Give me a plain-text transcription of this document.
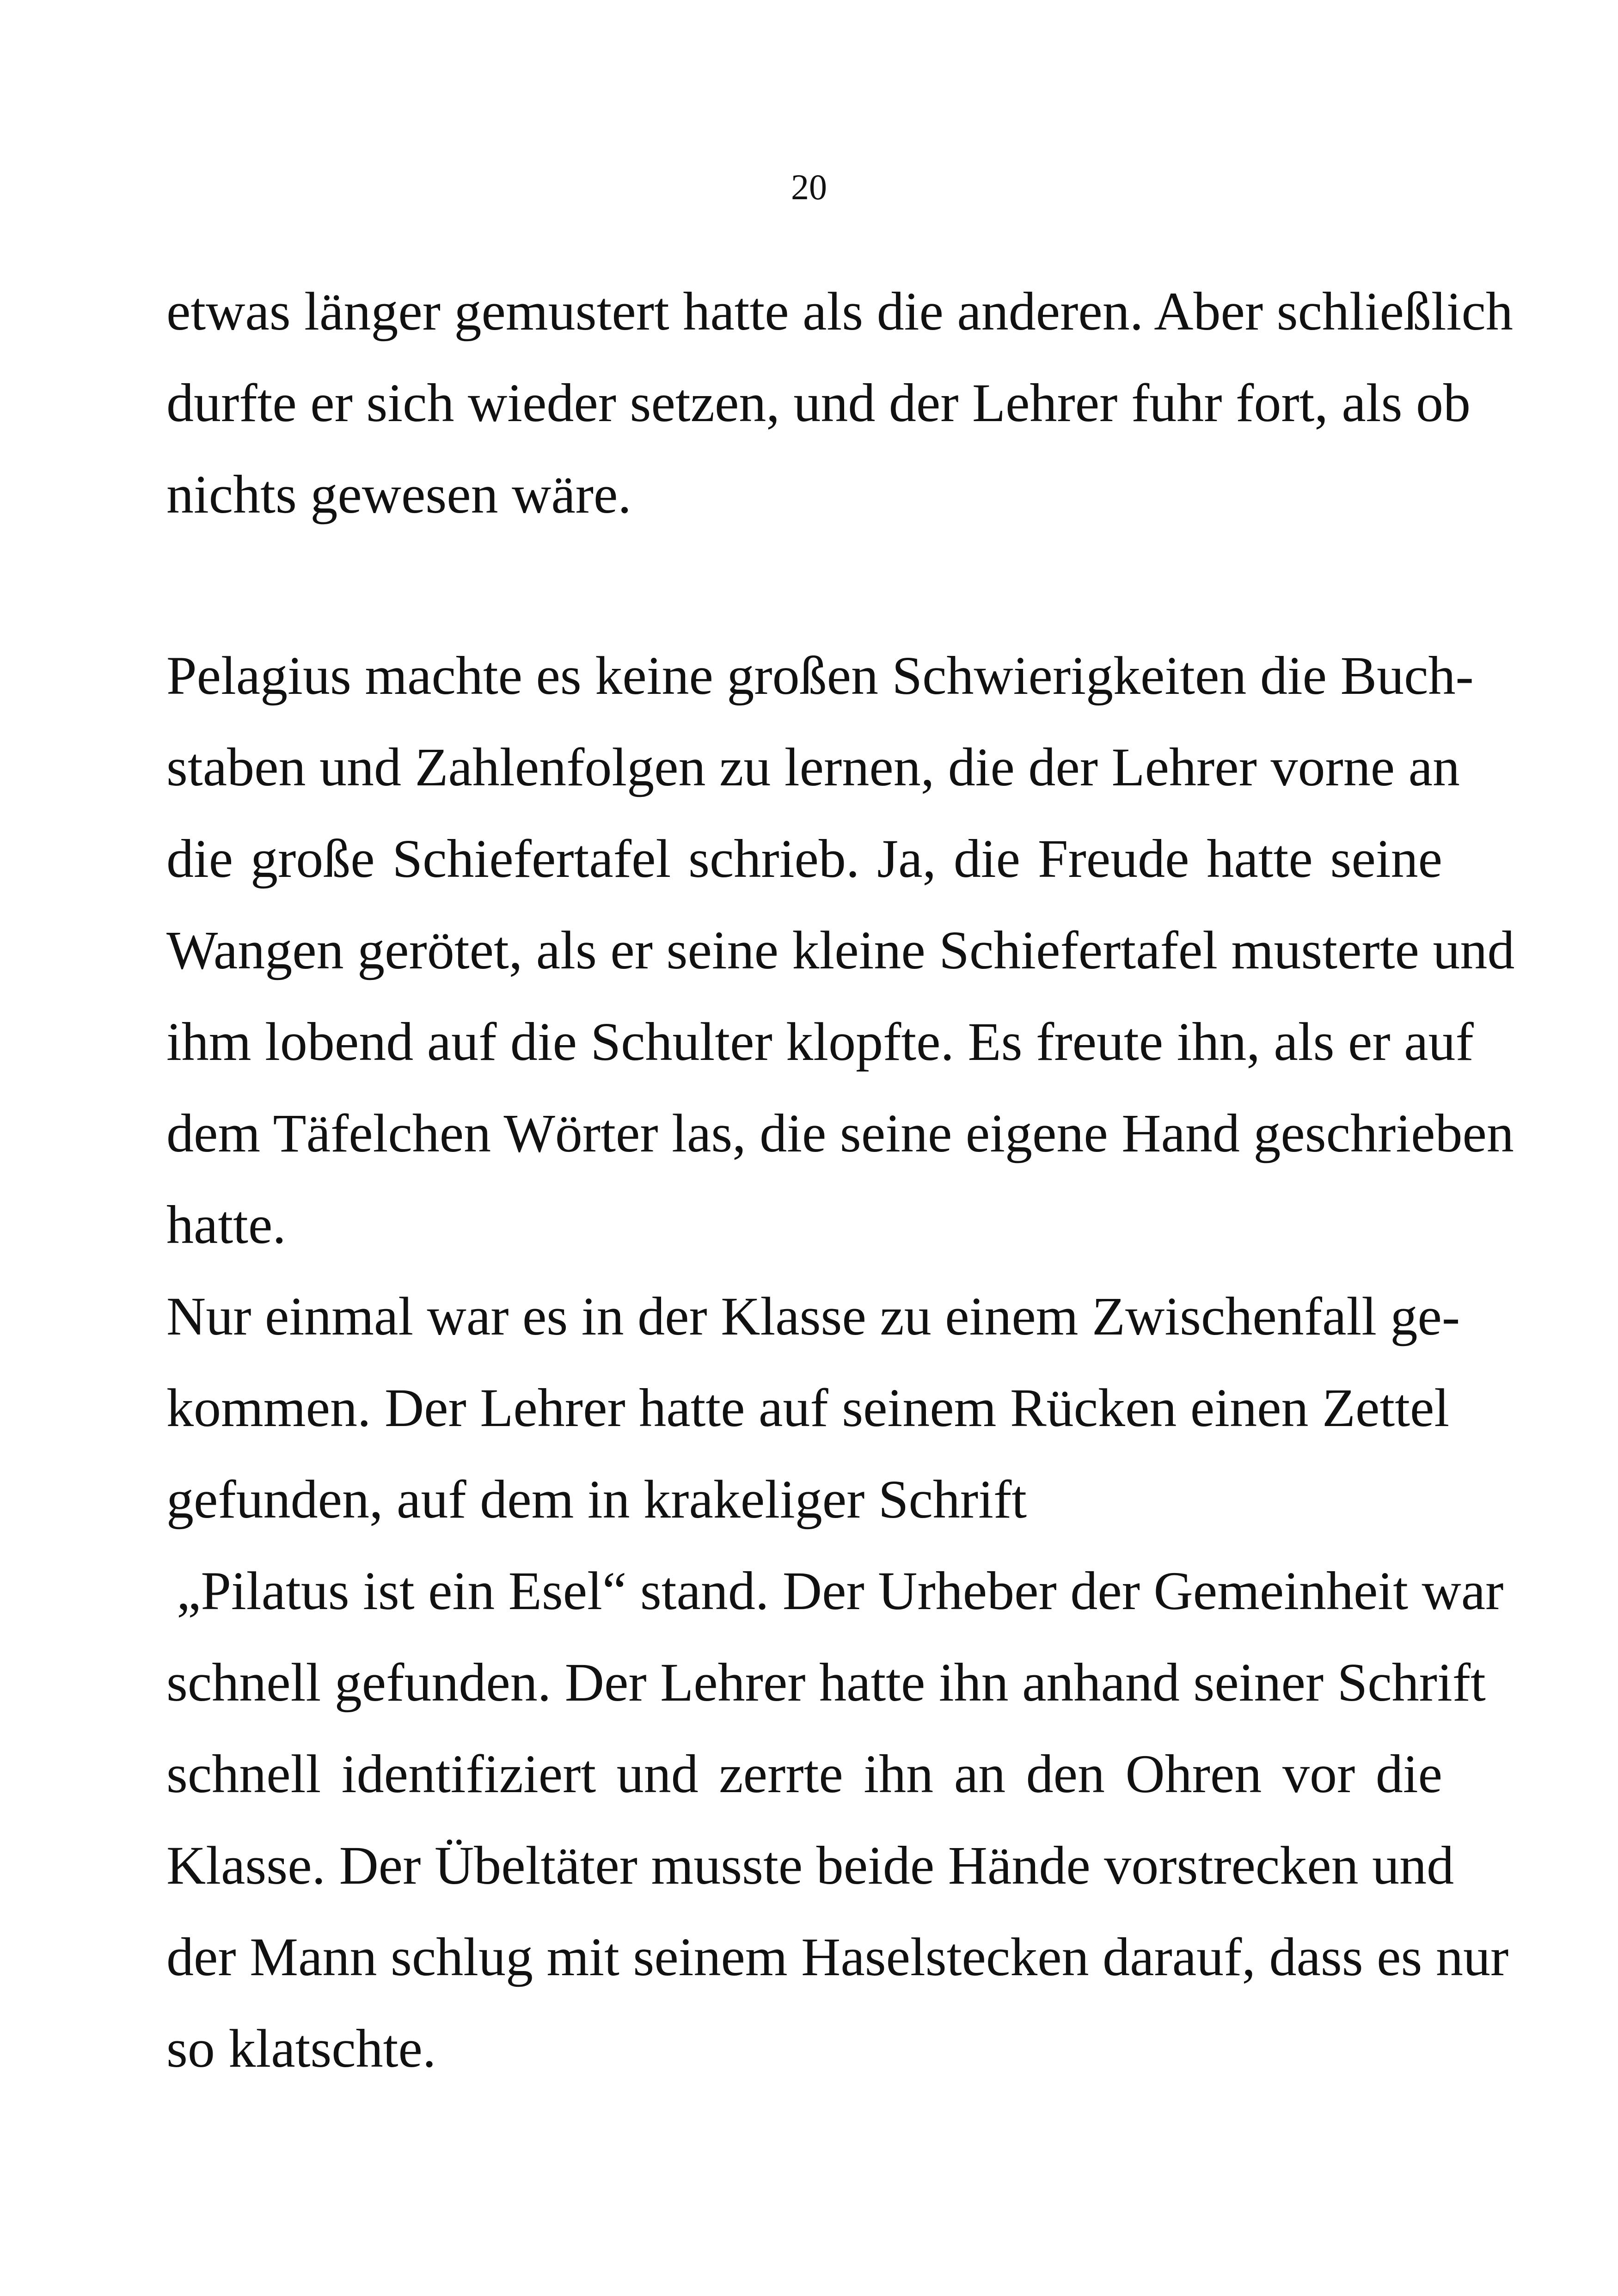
20
etwas länger gemustert hatte als die anderen. Aber schließlich
durfte er sich wieder setzen, und der Lehrer fuhr fort, als ob
nichts gewesen wäre.
Pelagius machte es keine großen Schwierigkeiten die Buch-
staben und Zahlenfolgen zu lernen, die der Lehrer vorne an
die große Schiefertafel schrieb. Ja, die Freude hatte seine
Wangen gerötet, als er seine kleine Schiefertafel musterte und
ihm lobend auf die Schulter klopfte. Es freute ihn, als er auf
dem Täfelchen Wörter las, die seine eigene Hand geschrieben
hatte.
Nur einmal war es in der Klasse zu einem Zwischenfall ge-
kommen. Der Lehrer hatte auf seinem Rücken einen Zettel
gefunden, auf dem in krakeliger Schrift
„Pilatus ist ein Esel“ stand. Der Urheber der Gemeinheit war
schnell gefunden. Der Lehrer hatte ihn anhand seiner Schrift
schnell identifiziert und zerrte ihn an den Ohren vor die
Klasse. Der Übeltäter musste beide Hände vorstrecken und
der Mann schlug mit seinem Haselstecken darauf, dass es nur
so klatschte.
